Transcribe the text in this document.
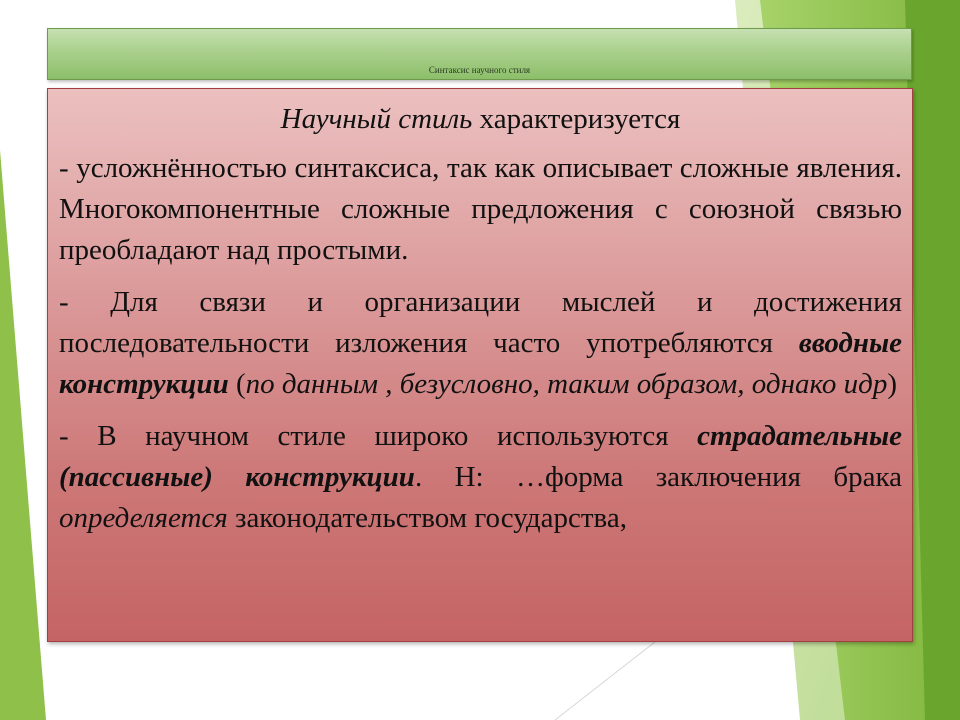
Синтаксис научного стиля
Научный стиль характеризуется
- усложнённостью синтаксиса, так как описывает сложные явления. Многокомпонентные сложные предложения с союзной связью преобладают над простыми.
- Для связи и организации мыслей и достижения последовательности изложения часто употребляются вводные конструкции (по данным , безусловно, таким образом, однако идр)
- В научном стиле широко используются страдательные (пассивные) конструкции. Н: …форма заключения брака определяется законодательством государства,
